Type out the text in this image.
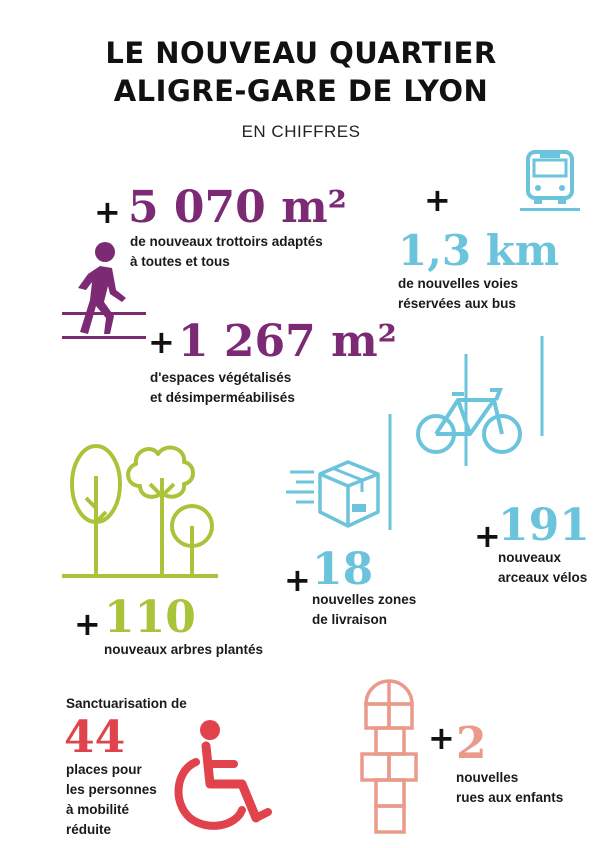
LE NOUVEAU QUARTIER
ALIGRE-GARE DE LYON
EN CHIFFRES
+ 5 070 m²
de nouveaux trottoirs adaptés
à toutes et tous
+ 1 267 m²
d'espaces végétalisés
et désimperméabilisés
+
1,3 km
de nouvelles voies
réservées aux bus
+
191
nouveaux
arceaux vélos
+ 18
nouvelles zones
de livraison
+ 110
nouveaux arbres plantés
Sanctuarisation de
44
places pour
les personnes
à mobilité
réduite
+ 2
nouvelles
rues aux enfants
